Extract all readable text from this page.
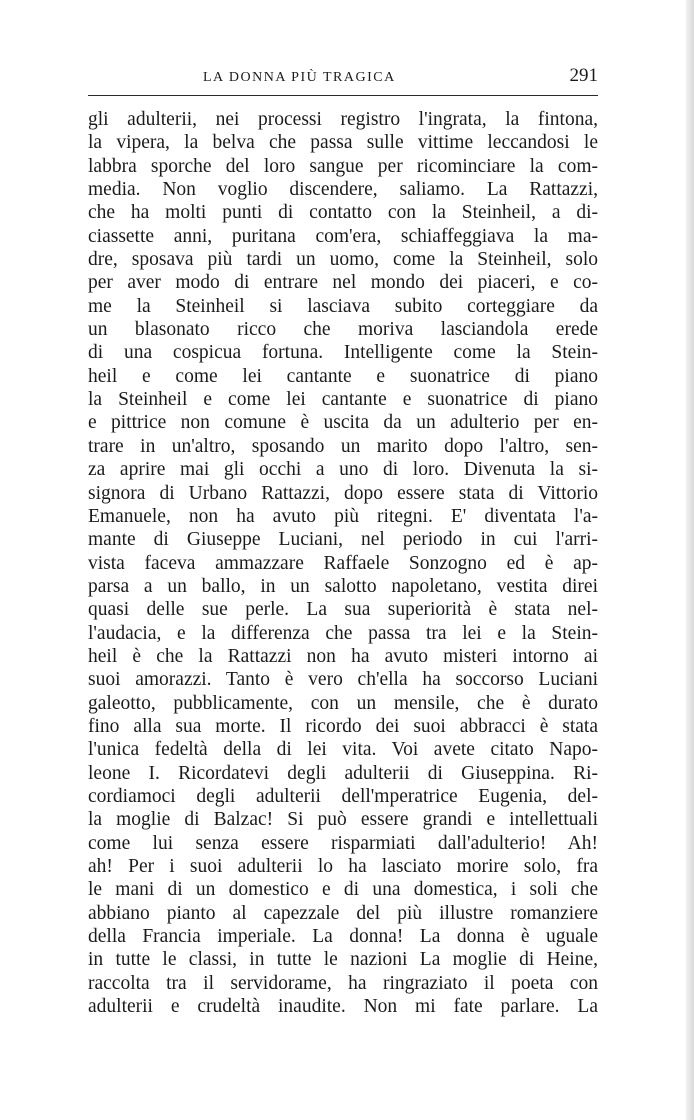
LA DONNA PIÙ TRAGICA	291
gli adulterii, nei processi registro l'ingrata, la fintona,
la vipera, la belva che passa sulle vittime leccandosi le
labbra sporche del loro sangue per ricominciare la com-
media. Non voglio discendere, saliamo. La Rattazzi,
che ha molti punti di contatto con la Steinheil, a di-
ciassette anni, puritana com'era, schiaffeggiava la ma-
dre, sposava più tardi un uomo, come la Steinheil, solo
per aver modo di entrare nel mondo dei piaceri, e co-
me la Steinheil si lasciava subito corteggiare da
un blasonato ricco che moriva lasciandola erede
di una cospicua fortuna. Intelligente come la Stein-
heil e come lei cantante e suonatrice di piano
la Steinheil e come lei cantante e suonatrice di piano
e pittrice non comune è uscita da un adulterio per en-
trare in un'altro, sposando un marito dopo l'altro, sen-
za aprire mai gli occhi a uno di loro. Divenuta la si-
signora di Urbano Rattazzi, dopo essere stata di Vittorio
Emanuele, non ha avuto più ritegni. E' diventata l'a-
mante di Giuseppe Luciani, nel periodo in cui l'arri-
vista faceva ammazzare Raffaele Sonzogno ed è ap-
parsa a un ballo, in un salotto napoletano, vestita direi
quasi delle sue perle. La sua superiorità è stata nel-
l'audacia, e la differenza che passa tra lei e la Stein-
heil è che la Rattazzi non ha avuto misteri intorno ai
suoi amorazzi. Tanto è vero ch'ella ha soccorso Luciani
galeotto, pubblicamente, con un mensile, che è durato
fino alla sua morte. Il ricordo dei suoi abbracci è stata
l'unica fedeltà della di lei vita. Voi avete citato Napo-
leone I. Ricordatevi degli adulterii di Giuseppina. Ri-
cordiamoci degli adulterii dell'mperatrice Eugenia, del-
la moglie di Balzac! Si può essere grandi e intellettuali
come lui senza essere risparmiati dall'adulterio! Ah!
ah! Per i suoi adulterii lo ha lasciato morire solo, fra
le mani di un domestico e di una domestica, i soli che
abbiano pianto al capezzale del più illustre romanziere
della Francia imperiale. La donna! La donna è uguale
in tutte le classi, in tutte le nazioni La moglie di Heine,
raccolta tra il servidorame, ha ringraziato il poeta con
adulterii e crudeltà inaudite. Non mi fate parlare. La
